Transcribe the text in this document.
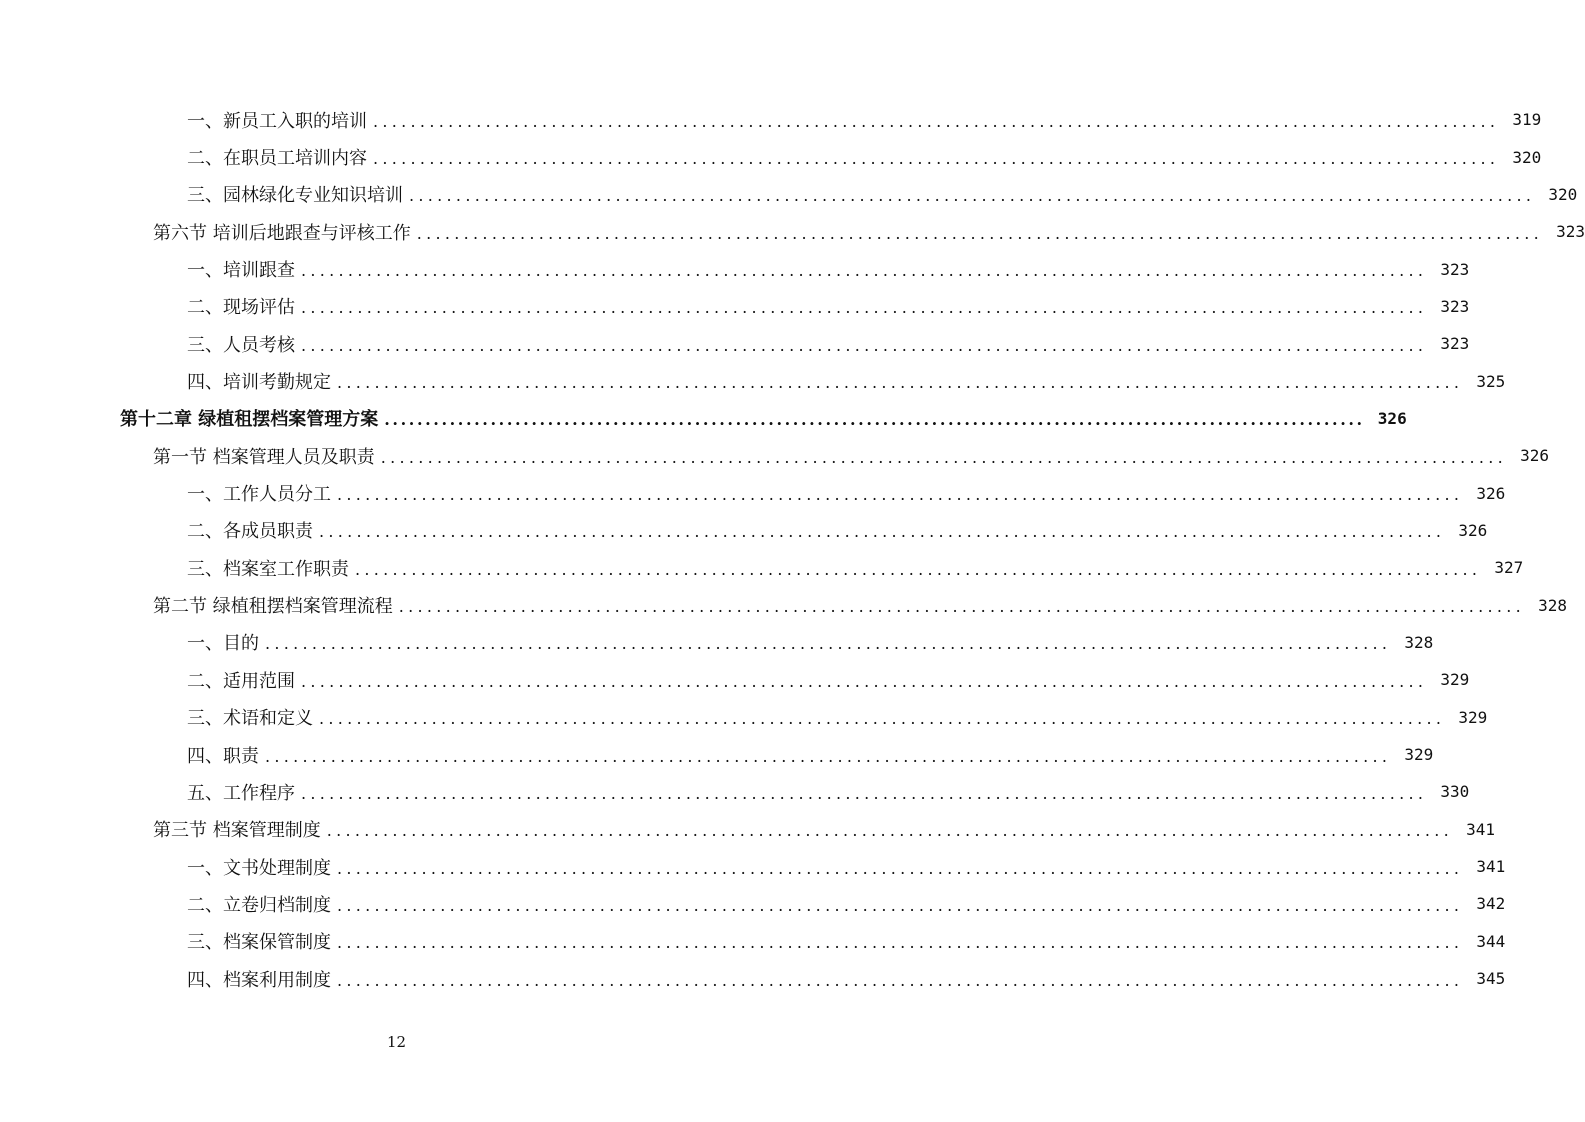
一、新员工入职的培训 ........................................................................................................................ 319
二、在职员工培训内容 ........................................................................................................................ 320
三、园林绿化专业知识培训 ........................................................................................................................ 320
第六节 培训后地跟查与评核工作 ........................................................................................................................ 323
一、培训跟查 ........................................................................................................................ 323
二、现场评估 ........................................................................................................................ 323
三、人员考核 ........................................................................................................................ 323
四、培训考勤规定 ........................................................................................................................ 325
第十二章 绿植租摆档案管理方案 ........................................................................................................................ 326
第一节 档案管理人员及职责 ........................................................................................................................ 326
一、工作人员分工 ........................................................................................................................ 326
二、各成员职责 ........................................................................................................................ 326
三、档案室工作职责 ........................................................................................................................ 327
第二节 绿植租摆档案管理流程 ........................................................................................................................ 328
一、目的 ........................................................................................................................ 328
二、适用范围 ........................................................................................................................ 329
三、术语和定义 ........................................................................................................................ 329
四、职责 ........................................................................................................................ 329
五、工作程序 ........................................................................................................................ 330
第三节 档案管理制度 ........................................................................................................................ 341
一、文书处理制度 ........................................................................................................................ 341
二、立卷归档制度 ........................................................................................................................ 342
三、档案保管制度 ........................................................................................................................ 344
四、档案利用制度 ........................................................................................................................ 345
12
